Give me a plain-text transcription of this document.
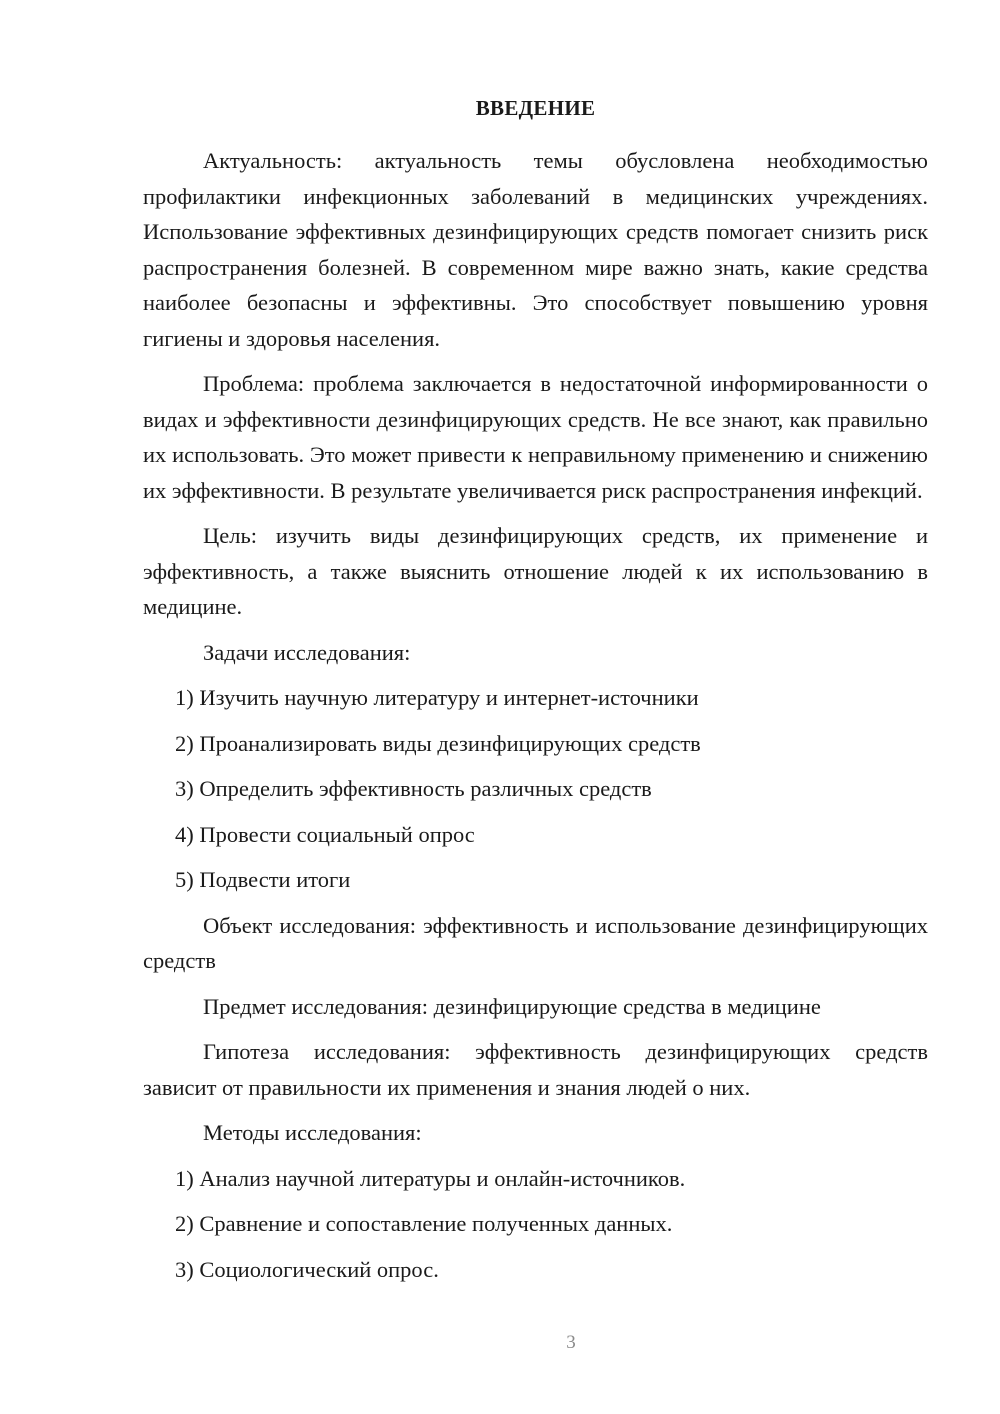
ВВЕДЕНИЕ

Актуальность: актуальность темы обусловлена необходимостью профилактики инфекционных заболеваний в медицинских учреждениях. Использование эффективных дезинфицирующих средств помогает снизить риск распространения болезней. В современном мире важно знать, какие средства наиболее безопасны и эффективны. Это способствует повышению уровня гигиены и здоровья населения.

Проблема: проблема заключается в недостаточной информированности о видах и эффективности дезинфицирующих средств. Не все знают, как правильно их использовать. Это может привести к неправильному применению и снижению их эффективности. В результате увеличивается риск распространения инфекций.

Цель: изучить виды дезинфицирующих средств, их применение и эффективность, а также выяснить отношение людей к их использованию в медицине.

Задачи исследования:

1) Изучить научную литературу и интернет-источники

2) Проанализировать виды дезинфицирующих средств

3) Определить эффективность различных средств

4) Провести социальный опрос

5) Подвести итоги

Объект исследования: эффективность и использование дезинфицирующих средств

Предмет исследования: дезинфицирующие средства в медицине

Гипотеза исследования: эффективность дезинфицирующих средств зависит от правильности их применения и знания людей о них.

Методы исследования:

1) Анализ научной литературы и онлайн-источников.

2) Сравнение и сопоставление полученных данных.

3) Социологический опрос.

3
